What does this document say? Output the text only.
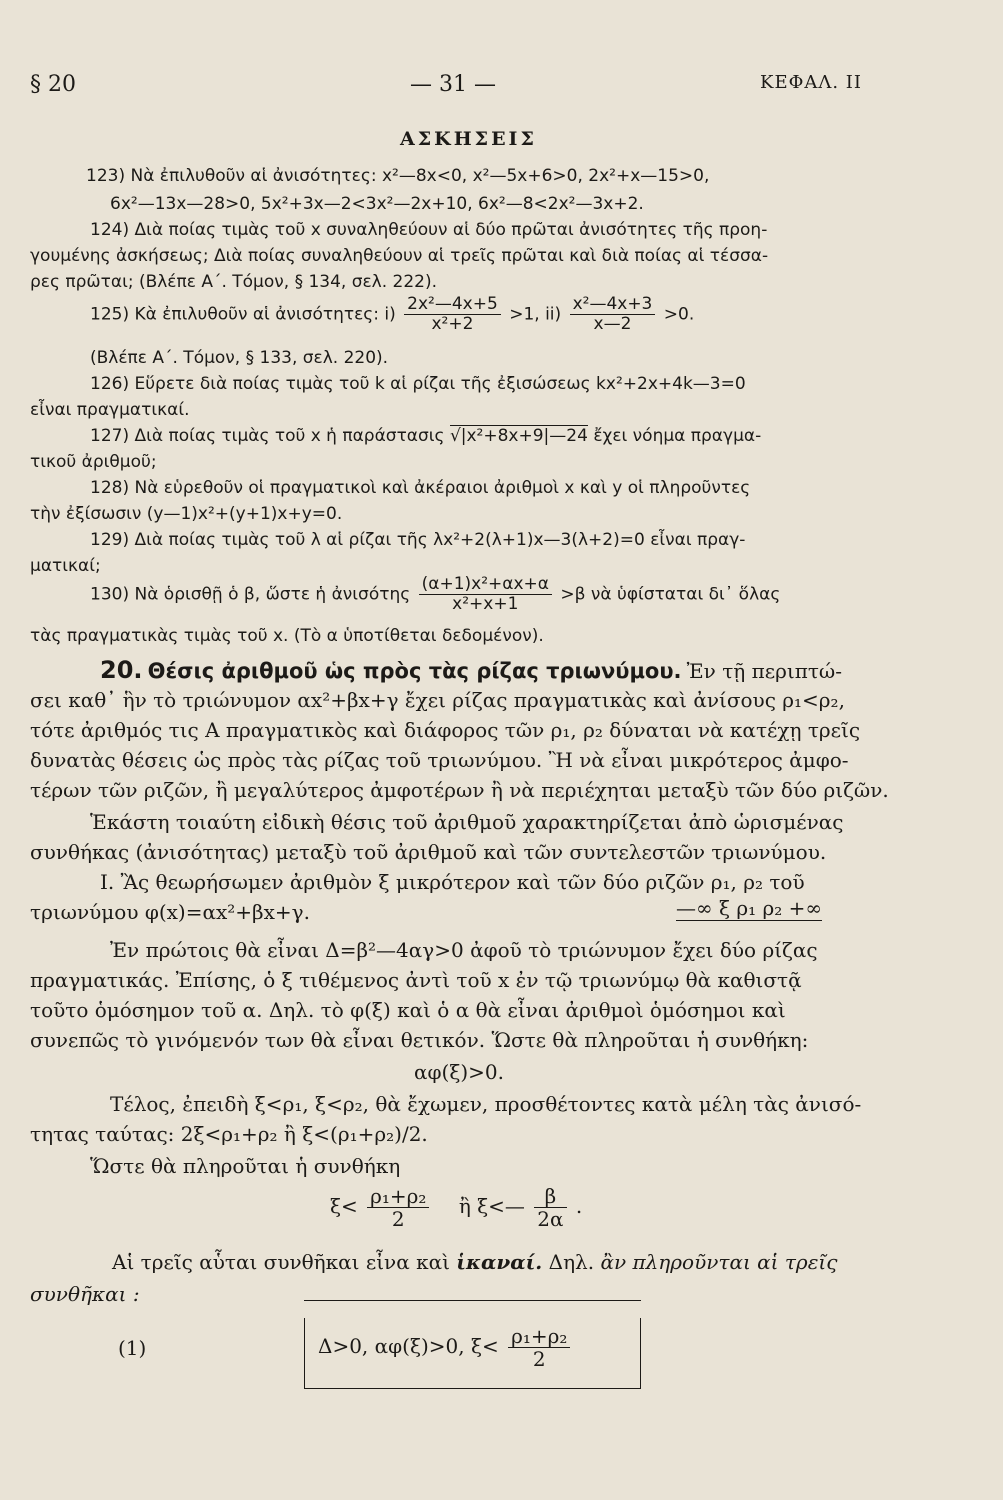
§ 20	— 31 —	ΚΕΦΑΛ. II
ΑΣΚΗΣΕΙΣ
123) Νὰ ἐπιλυθοῦν αἱ ἀνισότητες: x²—8x<0, x²—5x+6>0, 2x²+x—15>0,
6x²—13x—28>0, 5x²+3x—2<3x²—2x+10, 6x²—8<2x²—3x+2.
124) Διὰ ποίας τιμὰς τοῦ x συναληθεύουν αἱ δύο πρῶται ἀνισότητες τῆς προη-
γουμένης ἀσκήσεως; Διὰ ποίας συναληθεύουν αἱ τρεῖς πρῶται καὶ διὰ ποίας αἱ τέσσα-
ρες πρῶται; (Βλέπε Α΄. Τόμον, § 134, σελ. 222).
125) Κὰ ἐπιλυθοῦν αἱ ἀνισότητες: $i) \frac{\text{2x²—4x+5}}{\text{x²+2}} >1$, $ii) \frac{\text{x²—4x+3}}{x—2} >0$.
(Βλέπε Α΄. Τόμον, § 133, σελ. 220).
126) Εὕρετε διὰ ποίας τιμὰς τοῦ k αἱ ρίζαι τῆς ἐξισώσεως kx²+2x+4k—3=0
εἶναι πραγματικαί.
127) Διὰ ποίας τιμὰς τοῦ x ἡ παράστασις √|x²+8x+9|—24 ἔχει νόημα πραγμα-
τικοῦ ἀριθμοῦ;
128) Νὰ εὑρεθοῦν οἱ πραγματικοὶ καὶ ἀκέραιοι ἀριθμοὶ x καὶ y οἱ πληροῦντες
τὴν ἐξίσωσιν (y—1)x²+(y+1)x+y=0.
129) Διὰ ποίας τιμὰς τοῦ λ αἱ ρίζαι τῆς λx²+2(λ+1)x—3(λ+2)=0 εἶναι πραγ-
ματικαί;
130) Νὰ ὁρισθῇ ὁ β, ὥστε ἡ ἀνισότης $\frac{\text{(α+1)x²+αx+α}}{\text{x²+x+1}} >\beta$ νὰ ὑφίσταται δι᾽ ὅλας
τὰς πραγματικὰς τιμὰς τοῦ x. (Τὸ α ὑποτίθεται δεδομένον).
20. Θέσις ἀριθμοῦ ὡς πρὸς τὰς ρίζας τριωνύμου. Ἐν τῇ περιπτώ-
σει καθ᾽ ἣν τὸ τριώνυμον αx²+βx+γ ἔχει ρίζας πραγματικὰς καὶ ἀνίσους ρ₁<ρ₂,
τότε ἀριθμός τις Α πραγματικὸς καὶ διάφορος τῶν ρ₁, ρ₂ δύναται νὰ κατέχῃ τρεῖς
δυνατὰς θέσεις ὡς πρὸς τὰς ρίζας τοῦ τριωνύμου. Ἢ νὰ εἶναι μικρότερος ἀμφο-
τέρων τῶν ριζῶν, ἢ μεγαλύτερος ἀμφοτέρων ἢ νὰ περιέχηται μεταξὺ τῶν δύο ριζῶν.
Ἑκάστη τοιαύτη εἰδικὴ θέσις τοῦ ἀριθμοῦ χαρακτηρίζεται ἀπὸ ὡρισμένας
συνθήκας (ἀνισότητας) μεταξὺ τοῦ ἀριθμοῦ καὶ τῶν συντελεστῶν τριωνύμου.
I. Ἂς θεωρήσωμεν ἀριθμὸν ξ μικρότερον καὶ τῶν δύο ριζῶν ρ₁, ρ₂ τοῦ
τριωνύμου φ(x)=αx²+βx+γ.	—∞ ξ ρ₁ ρ₂ +∞
Ἐν πρώτοις θὰ εἶναι Δ=β²—4αγ>0 ἀφοῦ τὸ τριώνυμον ἔχει δύο ρίζας
πραγματικάς. Ἐπίσης, ὁ ξ τιθέμενος ἀντὶ τοῦ x ἐν τῷ τριωνύμῳ θὰ καθιστᾷ
τοῦτο ὁμόσημον τοῦ α. Δηλ. τὸ φ(ξ) καὶ ὁ α θὰ εἶναι ἀριθμοὶ ὁμόσημοι καὶ
συνεπῶς τὸ γινόμενόν των θὰ εἶναι θετικόν. Ὥστε θὰ πληροῦται ἡ συνθήκη:
αφ(ξ)>0.
Τέλος, ἐπειδὴ ξ<ρ₁, ξ<ρ₂, θὰ ἔχωμεν, προσθέτοντες κατὰ μέλη τὰς ἀνισό-
τητας ταύτας: 2ξ<ρ₁+ρ₂ ἢ ξ<(ρ₁+ρ₂)/2.
Ὥστε θὰ πληροῦται ἡ συνθήκη
$\xi< \frac{\text{ρ₁+ρ₂}}{2}$ ἢ ξ<— $\frac{\beta}{2\alpha}$ .
Αἱ τρεῖς αὗται συνθῆκαι εἶνα καὶ ἱκαναί. Δηλ. ἂν πληροῦνται αἱ τρεῖς
συνθῆκαι :
(1)	Δ>0, αφ(ξ)>0, $\xi< \frac{\text{ρ₁+ρ₂}}{2}$
